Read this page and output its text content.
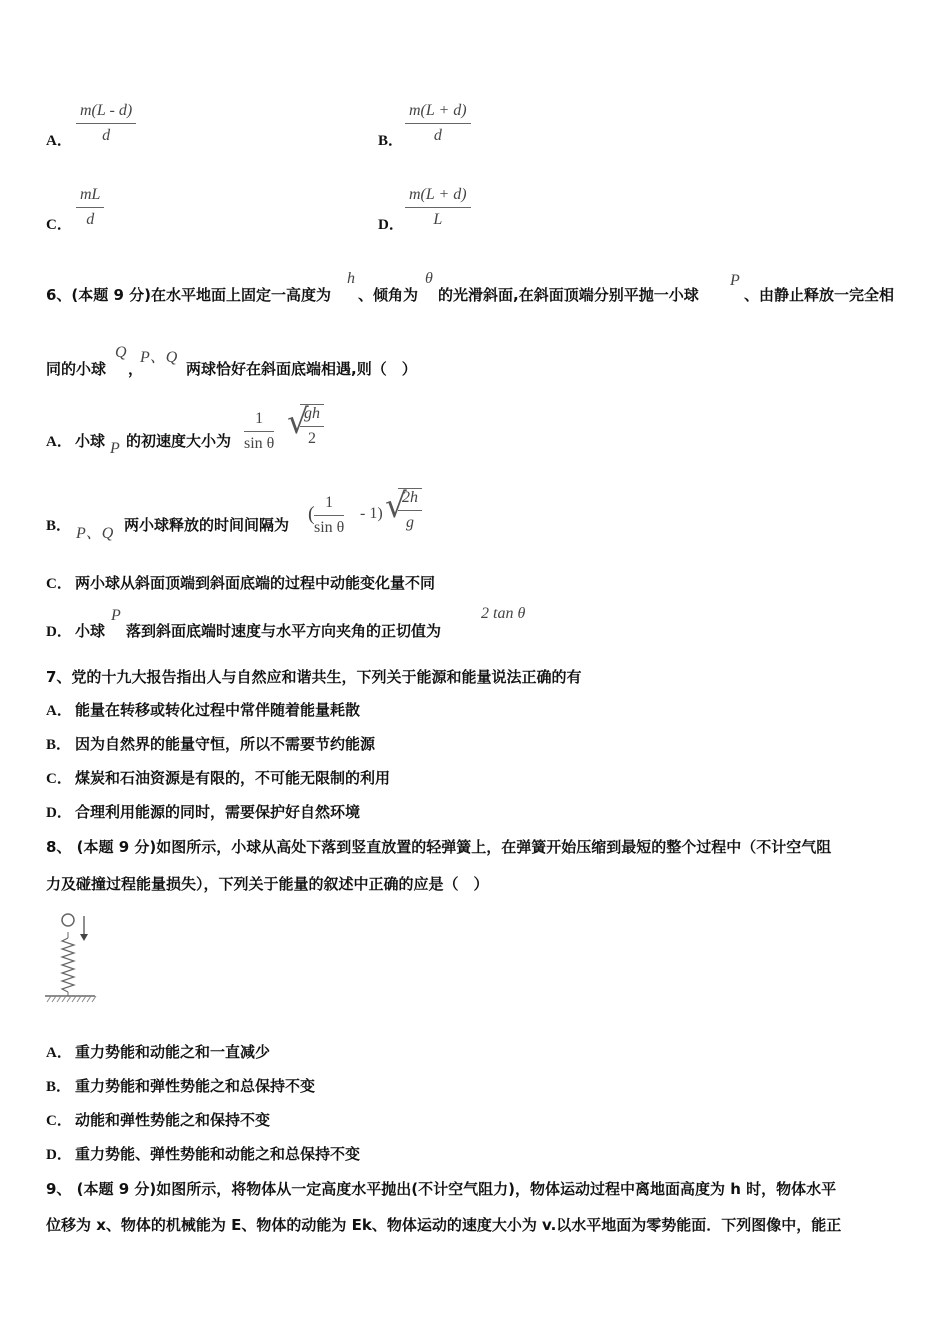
A． $\frac{m(L - d)}{d}$	B． $\frac{m(L + d)}{d}$
C． $\frac{mL}{d}$	D． $\frac{m(L + d)}{L}$
6、(本题 9 分)在水平地面上固定一高度为
h
、倾角为
θ
的光滑斜面,在斜面顶端分别平抛一小球
P
、由静止释放一完全相
同的小球
Q
，
P、Q
两球恰好在斜面底端相遇,则（　）
A． 小球 P 的初速度大小为 $\frac{1}{\text{sin θ}}$ √
$\frac{gh}{2}$
B． P、Q 两小球释放的时间间隔为 ( $\frac{1}{\text{sin θ}} - 1$) √
$\frac{2h}{g}$
C． 两小球从斜面顶端到斜面底端的过程中动能变化量不同
D． 小球
P
落到斜面底端时速度与水平方向夹角的正切值为
2 tan θ
7、党的十九大报告指出人与自然应和谐共生，下列关于能源和能量说法正确的有
A． 能量在转移或转化过程中常伴随着能量耗散
B． 因为自然界的能量守恒，所以不需要节约能源
C． 煤炭和石油资源是有限的，不可能无限制的利用
D． 合理利用能源的同时，需要保护好自然环境
8、 (本题 9 分)如图所示，小球从高处下落到竖直放置的轻弹簧上，在弹簧开始压缩到最短的整个过程中（不计空气阻
力及碰撞过程能量损失），下列关于能量的叙述中正确的应是（　）
A． 重力势能和动能之和一直减少
B． 重力势能和弹性势能之和总保持不变
C． 动能和弹性势能之和保持不变
D． 重力势能、弹性势能和动能之和总保持不变
9、 (本题 9 分)如图所示，将物体从一定高度水平抛出(不计空气阻力)，物体运动过程中离地面高度为 h 时，物体水平
位移为 x、物体的机械能为 E、物体的动能为 Ek、物体运动的速度大小为 v.以水平地面为零势能面．下列图像中，能正
